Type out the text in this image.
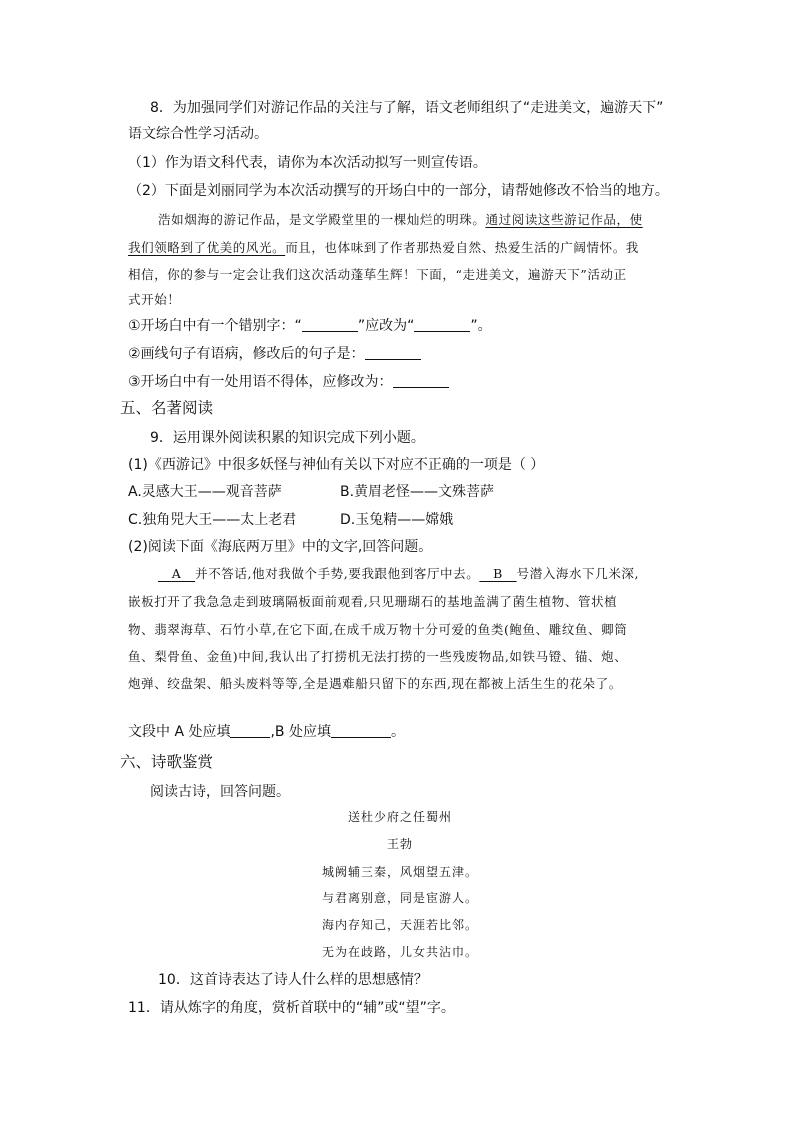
8．为加强同学们对游记作品的关注与了解，语文老师组织了“走进美文，遍游天下”
语文综合性学习活动。
（1）作为语文科代表，请你为本次活动拟写一则宣传语。
（2）下面是刘丽同学为本次活动撰写的开场白中的一部分，请帮她修改不恰当的地方。
浩如烟海的游记作品，是文学殿堂里的一棵灿烂的明珠。通过阅读这些游记作品，使
我们领略到了优美的风光。而且，也体味到了作者那热爱自然、热爱生活的广阔情怀。我
相信，你的参与一定会让我们这次活动蓬荜生辉！下面，“走进美文，遍游天下”活动正
式开始！
①开场白中有一个错别字：“	”应改为“	”。
②画线句子有语病，修改后的句子是：
③开场白中有一处用语不得体，应修改为：
五、名著阅读
9．运用课外阅读积累的知识完成下列小题。
(1)《西游记》中很多妖怪与神仙有关以下对应不正确的一项是（ ）
A.灵感大王——观音菩萨	B.黄眉老怪——文殊菩萨
C.独角兕大王——太上老君	D.玉兔精——嫦娥
(2)阅读下面《海底两万里》中的文字,回答问题。
A 并不答话,他对我做个手势,要我跟他到客厅中去。 B 号潜入海水下几米深,
嵌板打开了我急急走到玻璃隔板面前观看,只见珊瑚石的基地盖满了菌生植物、管状植
物、翡翠海草、石竹小草,在它下面,在成千成万物十分可爱的鱼类(鲍鱼、雕纹鱼、卿筒
鱼、梨骨鱼、金鱼)中间,我认出了打捞机无法打捞的一些残废物品,如铁马镫、锚、炮、
炮弹、绞盘架、船头废料等等,全是遇难船只留下的东西,现在都被上活生生的花朵了。
文段中 A 处应填	,B 处应填	。
六、诗歌鉴赏
阅读古诗，回答问题。
送杜少府之任蜀州
王勃
城阙辅三秦，风烟望五津。
与君离别意，同是宦游人。
海内存知己，天涯若比邻。
无为在歧路，儿女共沾巾。
10．这首诗表达了诗人什么样的思想感情？
11．请从炼字的角度，赏析首联中的“辅”或“望”字。
